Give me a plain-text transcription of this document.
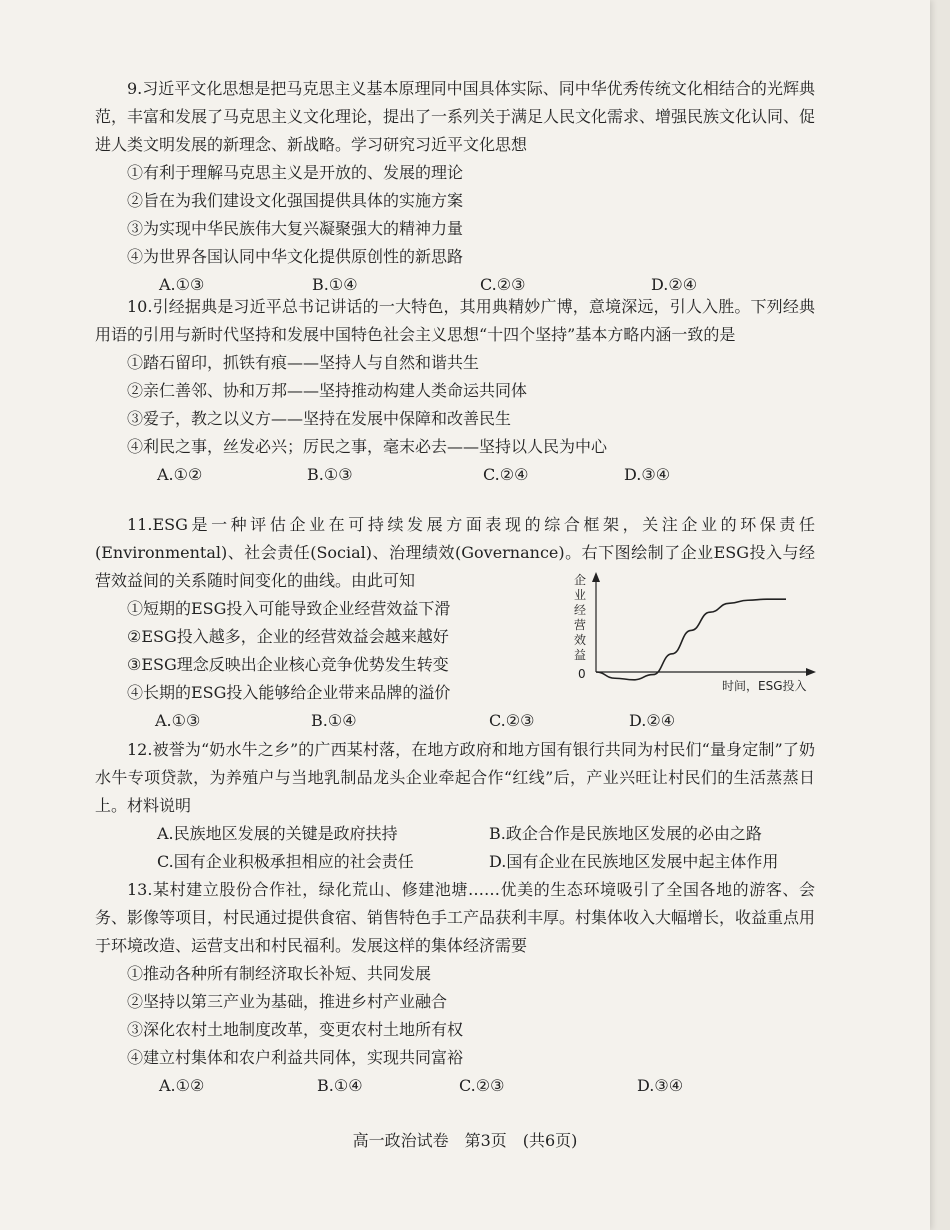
9.习近平文化思想是把马克思主义基本原理同中国具体实际、同中华优秀传统文化相结合的光辉典范，丰富和发展了马克思主义文化理论，提出了一系列关于满足人民文化需求、增强民族文化认同、促进人类文明发展的新理念、新战略。学习研究习近平文化思想

①有利于理解马克思主义是开放的、发展的理论

②旨在为我们建设文化强国提供具体的实施方案

③为实现中华民族伟大复兴凝聚强大的精神力量

④为世界各国认同中华文化提供原创性的新思路

A.①③	B.①④	C.②③	D.②④

10.引经据典是习近平总书记讲话的一大特色，其用典精妙广博，意境深远，引人入胜。下列经典用语的引用与新时代坚持和发展中国特色社会主义思想“十四个坚持”基本方略内涵一致的是

①踏石留印，抓铁有痕——坚持人与自然和谐共生

②亲仁善邻、协和万邦——坚持推动构建人类命运共同体

③爱子，教之以义方——坚持在发展中保障和改善民生

④利民之事，丝发必兴；厉民之事，毫末必去——坚持以人民为中心

A.①②	B.①③	C.②④	D.③④

11.ESG是一种评估企业在可持续发展方面表现的综合框架，关注企业的环保责任(Environmental)、社会责任(Social)、治理绩效(Governance)。右下图绘制了企业ESG投入与经营效益间的关系随时间变化的曲线。由此可知

①短期的ESG投入可能导致企业经营效益下滑

②ESG投入越多，企业的经营效益会越来越好

③ESG理念反映出企业核心竞争优势发生转变

④长期的ESG投入能够给企业带来品牌的溢价

A.①③	B.①④	C.②③	D.②④
0
时间，ESG投入
企
业
经
营
效
益

12.被誉为“奶水牛之乡”的广西某村落，在地方政府和地方国有银行共同为村民们“量身定制”了奶水牛专项贷款，为养殖户与当地乳制品龙头企业牵起合作“红线”后，产业兴旺让村民们的生活蒸蒸日上。材料说明

A.民族地区发展的关键是政府扶持	B.政企合作是民族地区发展的必由之路
C.国有企业积极承担相应的社会责任	D.国有企业在民族地区发展中起主体作用

13.某村建立股份合作社，绿化荒山、修建池塘……优美的生态环境吸引了全国各地的游客、会务、影像等项目，村民通过提供食宿、销售特色手工产品获利丰厚。村集体收入大幅增长，收益重点用于环境改造、运营支出和村民福利。发展这样的集体经济需要

①推动各种所有制经济取长补短、共同发展

②坚持以第三产业为基础，推进乡村产业融合

③深化农村土地制度改革，变更农村土地所有权

④建立村集体和农户利益共同体，实现共同富裕

A.①②	B.①④	C.②③	D.③④
高一政治试卷　第3页　(共6页)
